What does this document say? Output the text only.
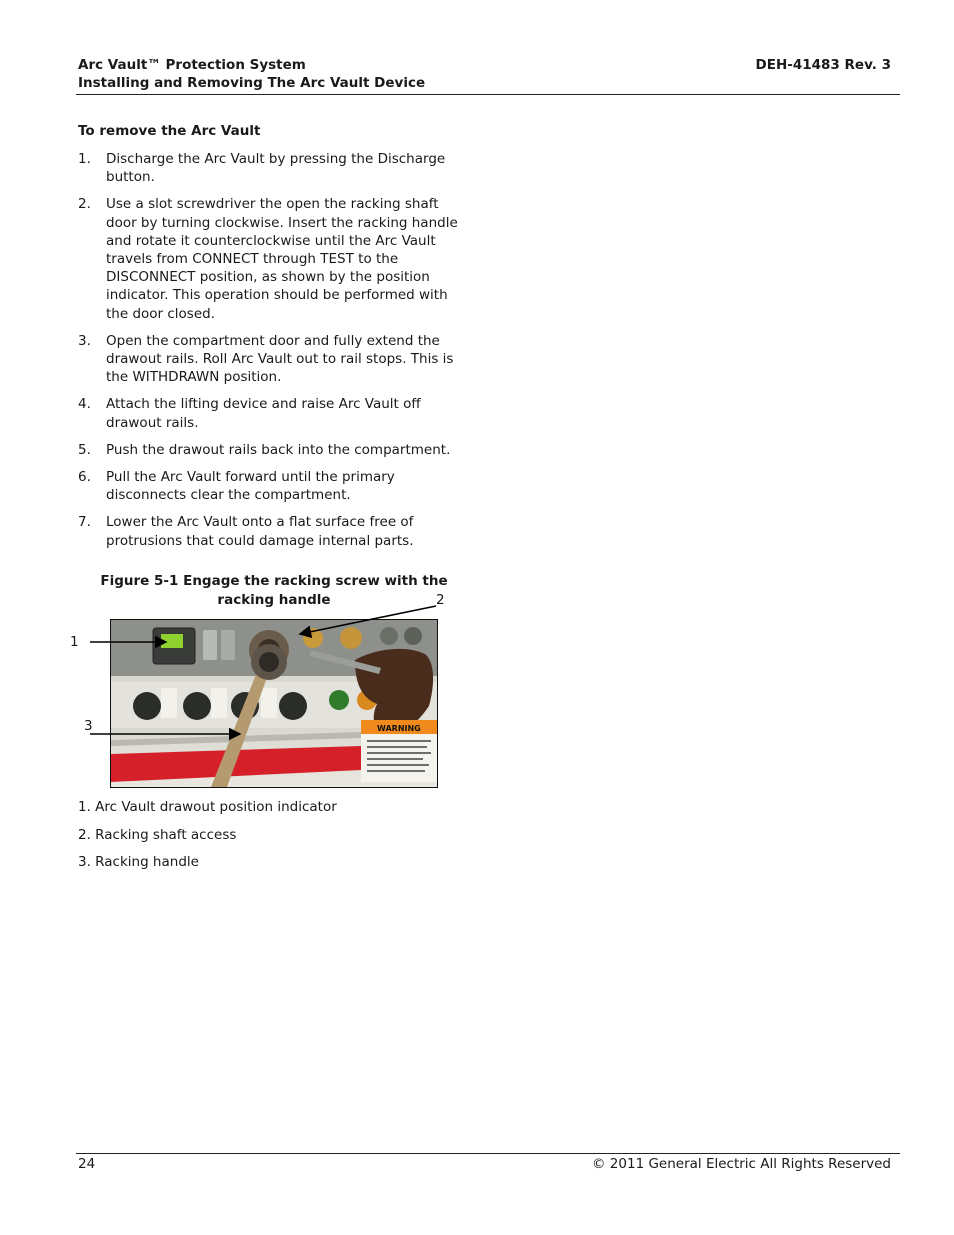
Arc Vault™ Protection System
Installing and Removing The Arc Vault Device
DEH-41483 Rev. 3
To remove the Arc Vault
1. Discharge the Arc Vault by pressing the Discharge button.
2. Use a slot screwdriver the open the racking shaft door by turning clockwise. Insert the racking handle and rotate it counterclockwise until the Arc Vault travels from CONNECT through TEST to the DISCONNECT position, as shown by the position indicator. This operation should be performed with the door closed.
3. Open the compartment door and fully extend the drawout rails. Roll Arc Vault out to rail stops. This is the WITHDRAWN position.
4. Attach the lifting device and raise Arc Vault off drawout rails.
5. Push the drawout rails back into the compartment.
6. Pull the Arc Vault forward until the primary disconnects clear the compartment.
7. Lower the Arc Vault onto a flat surface free of protrusions that could damage internal parts.
Figure 5-1 Engage the racking screw with the racking handle
1
2
3	WARNING
1. Arc Vault drawout position indicator
2. Racking shaft access
3. Racking handle
24	© 2011 General Electric All Rights Reserved
